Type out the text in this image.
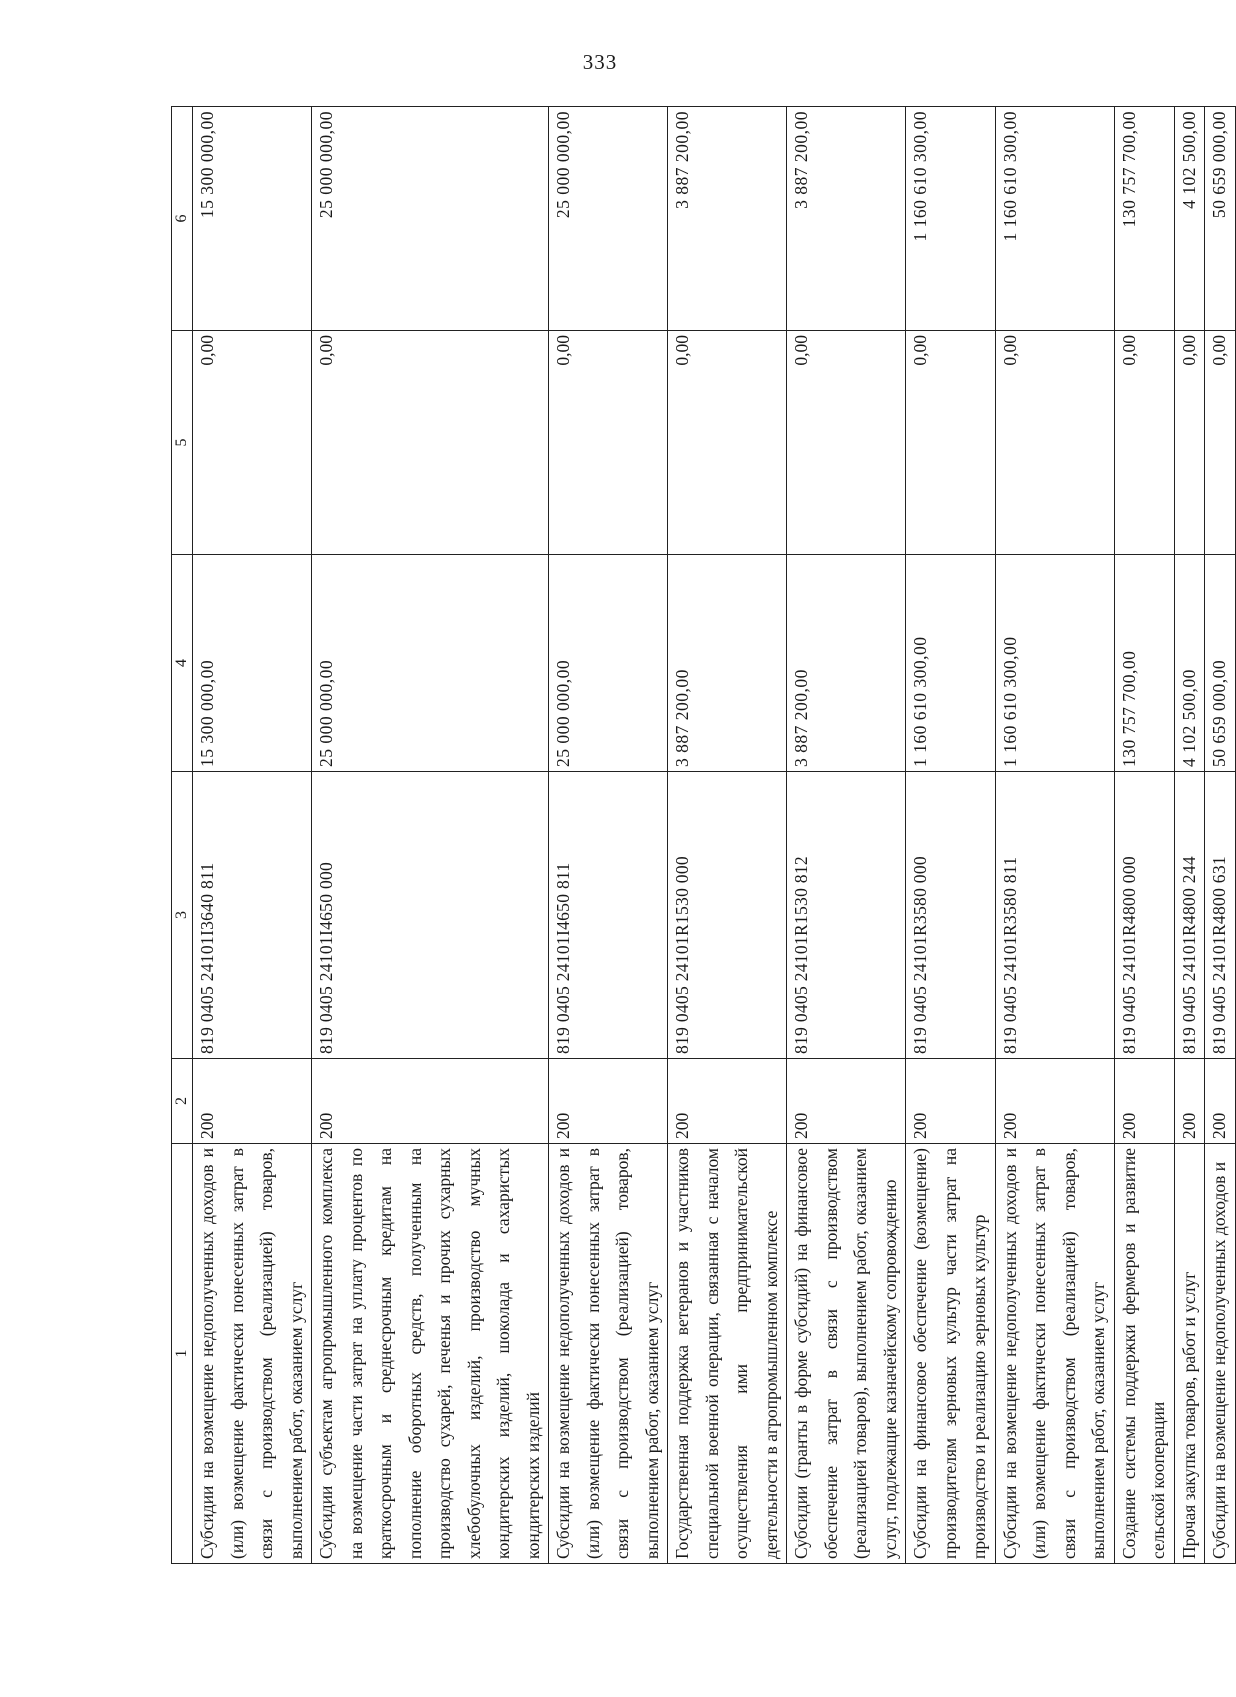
333
1	2	3	4	5	6
Субсидии на возмещение недополученных доходов и (или) возмещение фактически понесенных затрат в связи с производством (реализацией) товаров, выполнением работ, оказанием услуг	200	819 0405 24101I3640 811	15 300 000,00	0,00	15 300 000,00
Субсидии субъектам агропромышленного комплекса на возмещение части затрат на уплату процентов по краткосрочным и среднесрочным кредитам на пополнение оборотных средств, полученным на производство сухарей, печенья и прочих сухарных хлебобулочных изделий, производство мучных кондитерских изделий, шоколада и сахаристых кондитерских изделий	200	819 0405 24101I4650 000	25 000 000,00	0,00	25 000 000,00
Субсидии на возмещение недополученных доходов и (или) возмещение фактически понесенных затрат в связи с производством (реализацией) товаров, выполнением работ, оказанием услуг	200	819 0405 24101I4650 811	25 000 000,00	0,00	25 000 000,00
Государственная поддержка ветеранов и участников специальной военной операции, связанная с началом осуществления ими предпринимательской деятельности в агропромышленном комплексе	200	819 0405 24101R1530 000	3 887 200,00	0,00	3 887 200,00
Субсидии (гранты в форме субсидий) на финансовое обеспечение затрат в связи с производством (реализацией товаров), выполнением работ, оказанием услуг, подлежащие казначейскому сопровождению	200	819 0405 24101R1530 812	3 887 200,00	0,00	3 887 200,00
Субсидии на финансовое обеспечение (возмещение) производителям зерновых культур части затрат на производство и реализацию зерновых культур	200	819 0405 24101R3580 000	1 160 610 300,00	0,00	1 160 610 300,00
Субсидии на возмещение недополученных доходов и (или) возмещение фактически понесенных затрат в связи с производством (реализацией) товаров, выполнением работ, оказанием услуг	200	819 0405 24101R3580 811	1 160 610 300,00	0,00	1 160 610 300,00
Создание системы поддержки фермеров и развитие сельской кооперации	200	819 0405 24101R4800 000	130 757 700,00	0,00	130 757 700,00
Прочая закупка товаров, работ и услуг	200	819 0405 24101R4800 244	4 102 500,00	0,00	4 102 500,00
Субсидии на возмещение недополученных доходов и	200	819 0405 24101R4800 631	50 659 000,00	0,00	50 659 000,00
